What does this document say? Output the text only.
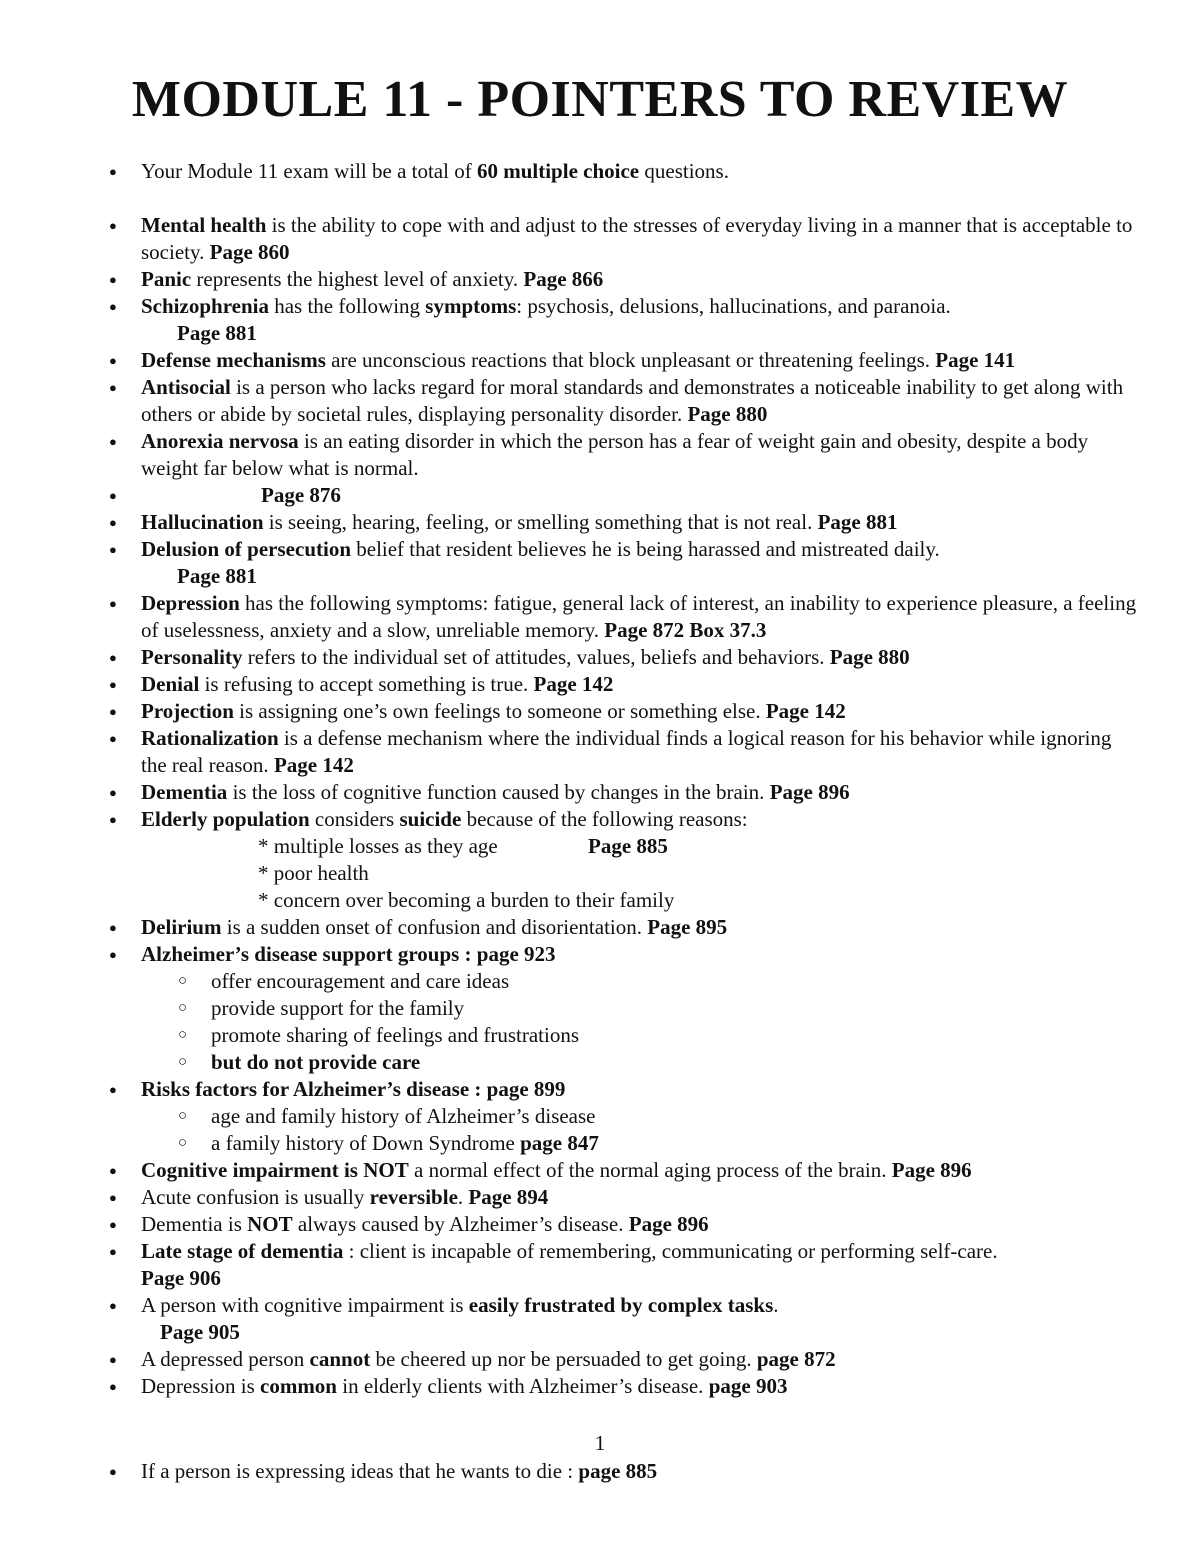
MODULE 11 - POINTERS TO REVIEW
● Your Module 11 exam will be a total of 60 multiple choice questions.
● Mental health is the ability to cope with and adjust to the stresses of everyday living in a manner that is acceptable to society. Page 860
● Panic represents the highest level of anxiety. Page 866
● Schizophrenia has the following symptoms: psychosis, delusions, hallucinations, and paranoia.
Page 881
● Defense mechanisms are unconscious reactions that block unpleasant or threatening feelings. Page 141
● Antisocial is a person who lacks regard for moral standards and demonstrates a noticeable inability to get along with others or abide by societal rules, displaying personality disorder. Page 880
● Anorexia nervosa is an eating disorder in which the person has a fear of weight gain and obesity, despite a body weight far below what is normal.
● Page 876
● Hallucination is seeing, hearing, feeling, or smelling something that is not real. Page 881
● Delusion of persecution belief that resident believes he is being harassed and mistreated daily.
Page 881
● Depression has the following symptoms: fatigue, general lack of interest, an inability to experience pleasure, a feeling of uselessness, anxiety and a slow, unreliable memory. Page 872 Box 37.3
● Personality refers to the individual set of attitudes, values, beliefs and behaviors. Page 880
● Denial is refusing to accept something is true. Page 142
● Projection is assigning one’s own feelings to someone or something else. Page 142
● Rationalization is a defense mechanism where the individual finds a logical reason for his behavior while ignoring the real reason. Page 142
● Dementia is the loss of cognitive function caused by changes in the brain. Page 896
● Elderly population considers suicide because of the following reasons:
* multiple losses as they age	Page 885
* poor health
* concern over becoming a burden to their family
● Delirium is a sudden onset of confusion and disorientation. Page 895
● Alzheimer’s disease support groups : page 923
○ offer encouragement and care ideas
○ provide support for the family
○ promote sharing of feelings and frustrations
○ but do not provide care
● Risks factors for Alzheimer’s disease : page 899
○ age and family history of Alzheimer’s disease
○ a family history of Down Syndrome page 847
● Cognitive impairment is NOT a normal effect of the normal aging process of the brain. Page 896
● Acute confusion is usually reversible. Page 894
● Dementia is NOT always caused by Alzheimer’s disease. Page 896
● Late stage of dementia : client is incapable of remembering, communicating or performing self-care.
Page 906
● A person with cognitive impairment is easily frustrated by complex tasks.
Page 905
● A depressed person cannot be cheered up nor be persuaded to get going. page 872
● Depression is common in elderly clients with Alzheimer’s disease. page 903
1
● If a person is expressing ideas that he wants to die : page 885
